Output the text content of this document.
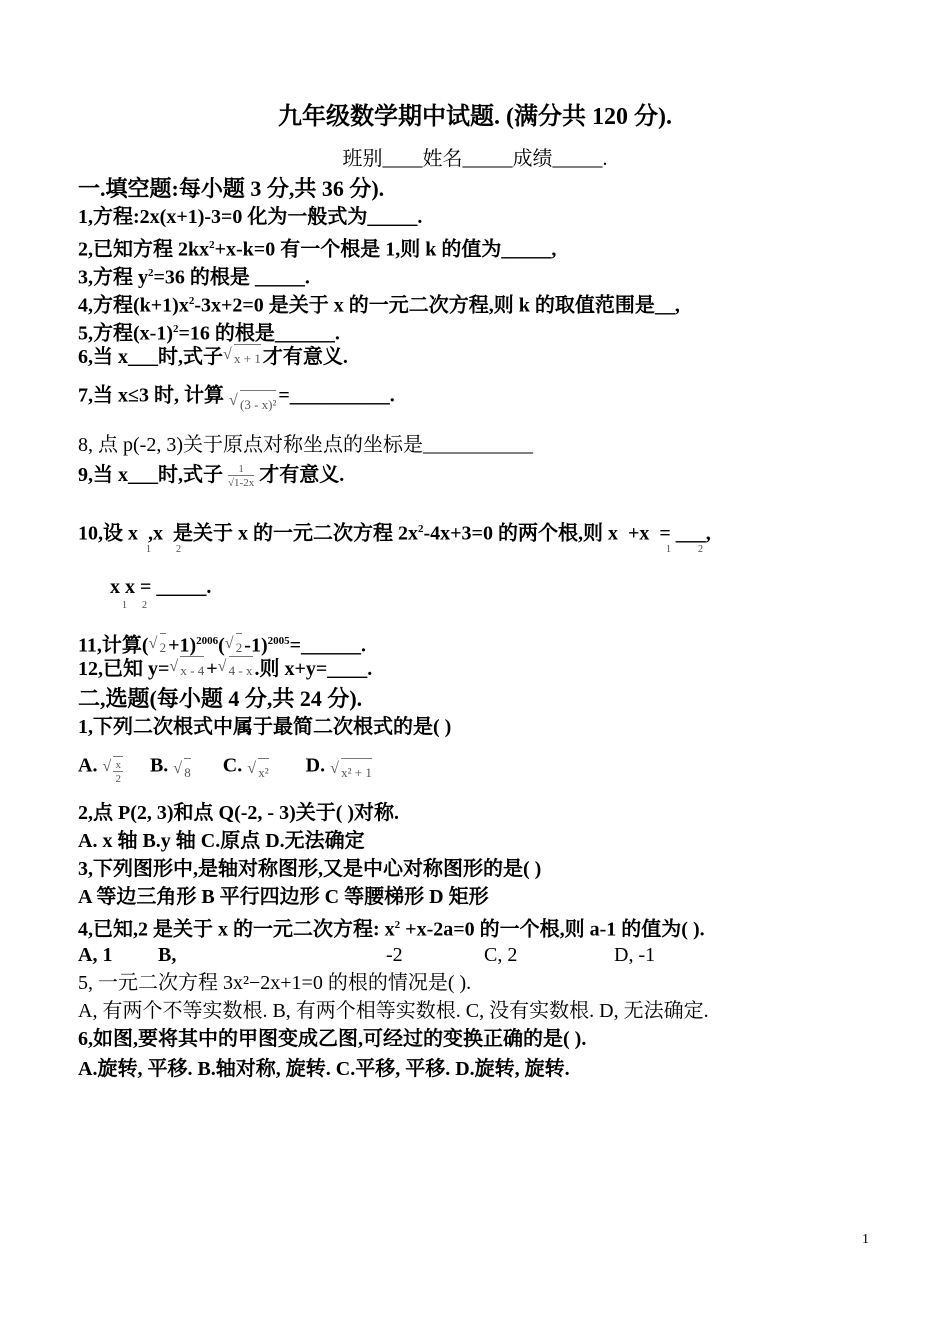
九年级数学期中试题. (满分共 120 分).
班别____姓名_____成绩_____.
一.填空题:每小题 3 分,共 36 分).
1,方程:2x(x+1)-3=0 化为一般式为_____.
2,已知方程 $2kx^2+x-k=0$ 有一个根是 1,则 k 的值为_____,
3,方程 $y^2=36$ 的根是 _____.
4,方程$(k+1)x^2-3x+2=0$ 是关于 x 的一元二次方程,则 k 的取值范围是__,
5,方程$(x-1)^2=16$ 的根是______.
6,当 x___时,式子 √ x + 1 才有意义.
7,当 x≤3 时, 计算 √ (3 - x)² =__________.
8, 点 p(-2, 3)关于原点对称坐点的坐标是___________
9,当 x___时,式子 $\frac{1}{√1-2x}$ 才有意义.
10,设 x ,x 是关于 x 的一元二次方程 $2x^2-4x+3=0$ 的两个根,则 x +x = ___,
1	2	1	2
x x = _____.
1 2
11,计算( √ 2 +1)$^{2006}$( √ 2 -1)$^{2005}$=______.
12,已知 y= √ x - 4 + √ 4 - x .则 x+y=____.
二,选题(每小题 4 分,共 24 分).
1,下列二次根式中属于最简二次根式的是( )
A. √ $\frac{x}{2} B$. √ 8 C. √ x² D. √ x² + 1
2,点 P(2, 3)和点 Q(-2, - 3)关于( )对称.
A. x 轴 B.y 轴 C.原点 D.无法确定
3,下列图形中,是轴对称图形,又是中心对称图形的是( )
A 等边三角形 B 平行四边形 C 等腰梯形 D 矩形
4,已知,2 是关于 x 的一元二次方程: $x^2 +x-2a=0$ 的一个根,则 a-1 的值为( ).
A, 1 B,	-2	C, 2	D, -1
5, 一元二次方程 3x²−2x+1=0 的根的情况是( ).
A, 有两个不等实数根. B, 有两个相等实数根. C, 没有实数根. D, 无法确定.
6,如图,要将其中的甲图变成乙图,可经过的变换正确的是( ).
A.旋转, 平移. B.轴对称, 旋转. C.平移, 平移. D.旋转, 旋转.
1
